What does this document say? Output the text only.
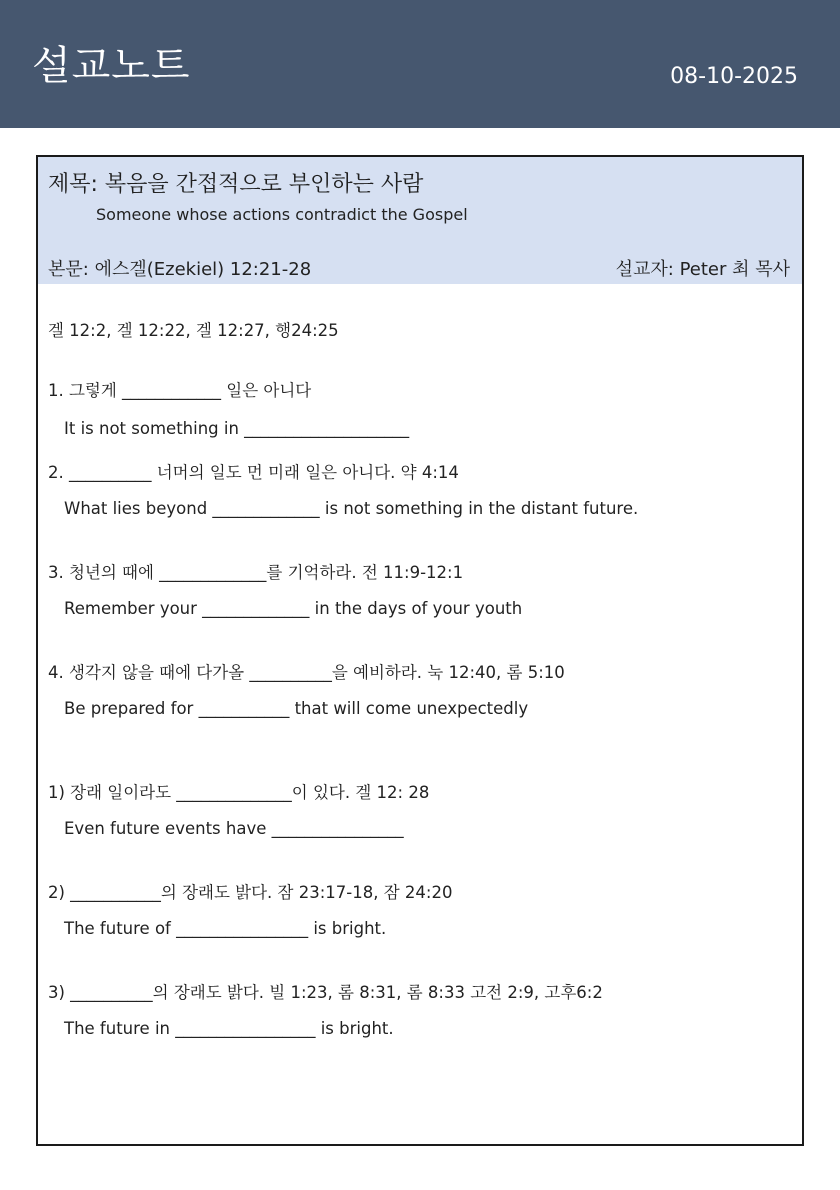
설교노트	08-10-2025
제목: 복음을 간접적으로 부인하는 사람
Someone whose actions contradict the Gospel
본문: 에스겔(Ezekiel) 12:21-28	설교자: Peter 최 목사
겔 12:2, 겔 12:22, 겔 12:27, 행24:25
1. 그렇게 ____________ 일은 아니다
It is not something in ____________________
2. __________ 너머의 일도 먼 미래 일은 아니다. 약 4:14
What lies beyond _____________ is not something in the distant future.
3. 청년의 때에 _____________를 기억하라. 전 11:9-12:1
Remember your _____________ in the days of your youth
4. 생각지 않을 때에 다가올 __________을 예비하라. 눅 12:40, 롬 5:10
Be prepared for ___________ that will come unexpectedly
1) 장래 일이라도 ______________이 있다. 겔 12: 28
Even future events have ________________
2) ___________의 장래도 밝다. 잠 23:17-18, 잠 24:20
The future of ________________ is bright.
3) __________의 장래도 밝다. 빌 1:23, 롬 8:31, 롬 8:33 고전 2:9, 고후6:2
The future in _________________ is bright.
